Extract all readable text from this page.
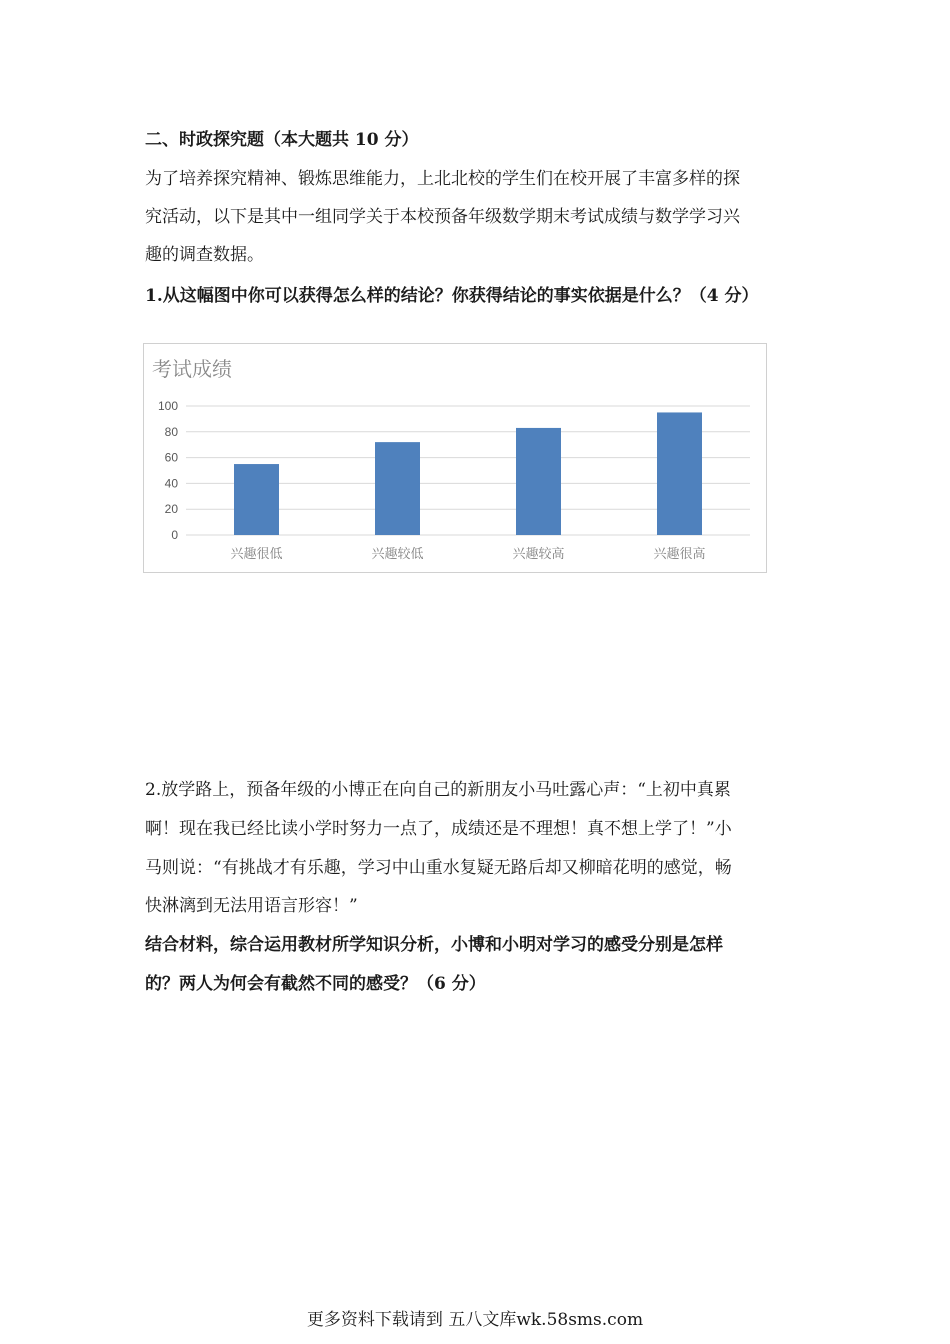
二、时政探究题（本大题共 10 分）
为了培养探究精神、锻炼思维能力，上北北校的学生们在校开展了丰富多样的探
究活动，以下是其中一组同学关于本校预备年级数学期末考试成绩与数学学习兴
趣的调查数据。
1.从这幅图中你可以获得怎么样的结论？你获得结论的事实依据是什么？（4 分）
考试成绩
0
20
40
60
80
100
兴趣很低	兴趣较低	兴趣较高	兴趣很高
2.放学路上，预备年级的小博正在向自己的新朋友小马吐露心声：“上初中真累
啊！现在我已经比读小学时努力一点了，成绩还是不理想！真不想上学了！”小
马则说：“有挑战才有乐趣，学习中山重水复疑无路后却又柳暗花明的感觉，畅
快淋漓到无法用语言形容！”
结合材料，综合运用教材所学知识分析，小博和小明对学习的感受分别是怎样
的？两人为何会有截然不同的感受？（6 分）
更多资料下载请到 五八文库wk.58sms.com
